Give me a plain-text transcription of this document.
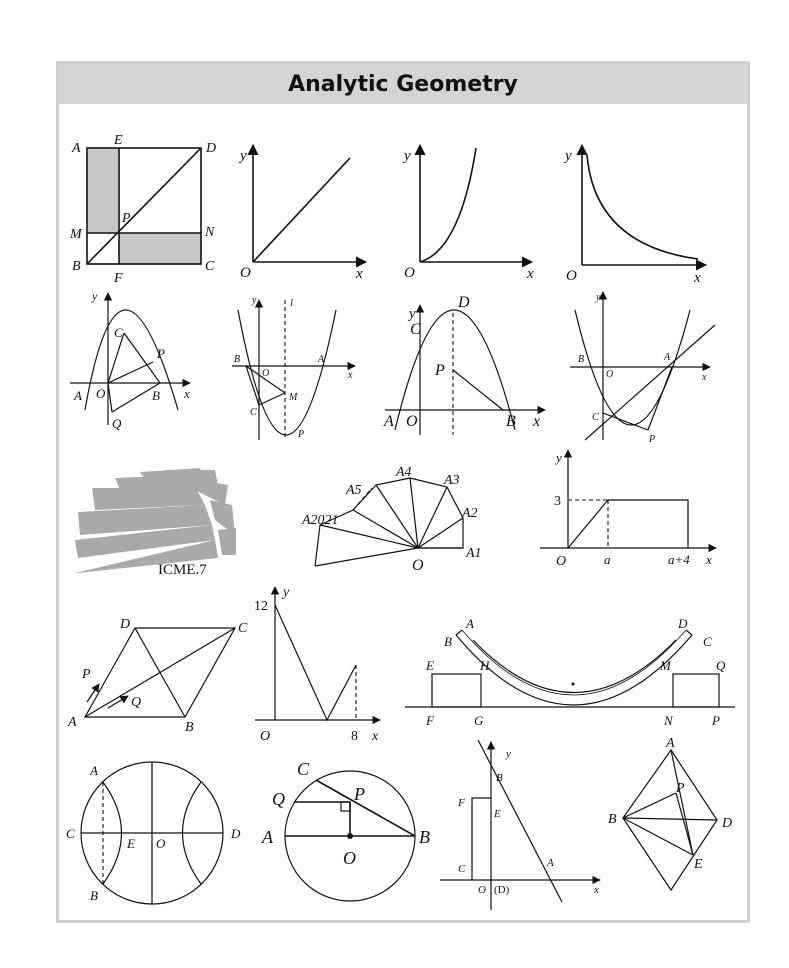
Analytic Geometry
A
E
D
M
P
N
B
F
C
y
O	x
y
O	x
y
O	x
y
C
P
A O	B x
Q
y	l
B
O
A
x
M
C
P
y
D
C
P
A O	B x
y
B
O
A
x
C
P
ICME.7
A4
A3
A5
A2
A2021
A1
O
y
3
O	a	a+4 x
D	C
P
Q
A	B
12
y
O	8 x
A	D
B	C
E	H	M	Q
F	G	N	P
A
C
E O
D
B
C
Q	P
A
O
B
y
B
F
E
A
C
O (D)	x
A
P
B	D
E
